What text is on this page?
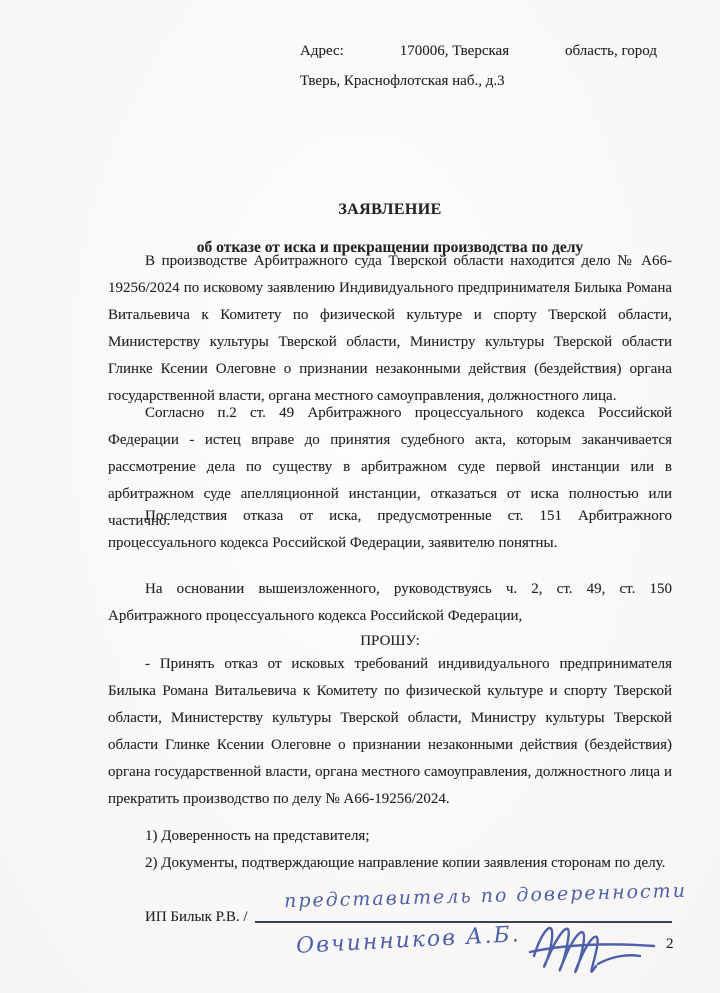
Адрес:	170006, Тверская	область, город
Тверь, Краснофлотская наб., д.3
ЗАЯВЛЕНИЕ
об отказе от иска и прекращении производства по делу
В производстве Арбитражного суда Тверской области находится дело № А66-19256/2024 по исковому заявлению Индивидуального предпринимателя Билыка Романа Витальевича к Комитету по физической культуре и спорту Тверской области, Министерству культуры Тверской области, Министру культуры Тверской области Глинке Ксении Олеговне о признании незаконными действия (бездействия) органа государственной власти, органа местного самоуправления, должностного лица.
Согласно п.2 ст. 49 Арбитражного процессуального кодекса Российской Федерации - истец вправе до принятия судебного акта, которым заканчивается рассмотрение дела по существу в арбитражном суде первой инстанции или в арбитражном суде апелляционной инстанции, отказаться от иска полностью или частично.
Последствия отказа от иска, предусмотренные ст. 151 Арбитражного процессуального кодекса Российской Федерации, заявителю понятны.
На основании вышеизложенного, руководствуясь ч. 2, ст. 49, ст. 150 Арбитражного процессуального кодекса Российской Федерации,
ПРОШУ:
- Принять отказ от исковых требований индивидуального предпринимателя Билыка Романа Витальевича к Комитету по физической культуре и спорту Тверской области, Министерству культуры Тверской области, Министру культуры Тверской области Глинке Ксении Олеговне о признании незаконными действия (бездействия) органа государственной власти, органа местного самоуправления, должностного лица и прекратить производство по делу № А66-19256/2024.
1) Доверенность на представителя;
2) Документы, подтверждающие направление копии заявления сторонам по делу.
ИП Билык Р.В. /
представитель по доверенности
Овчинников А.Б.	2
